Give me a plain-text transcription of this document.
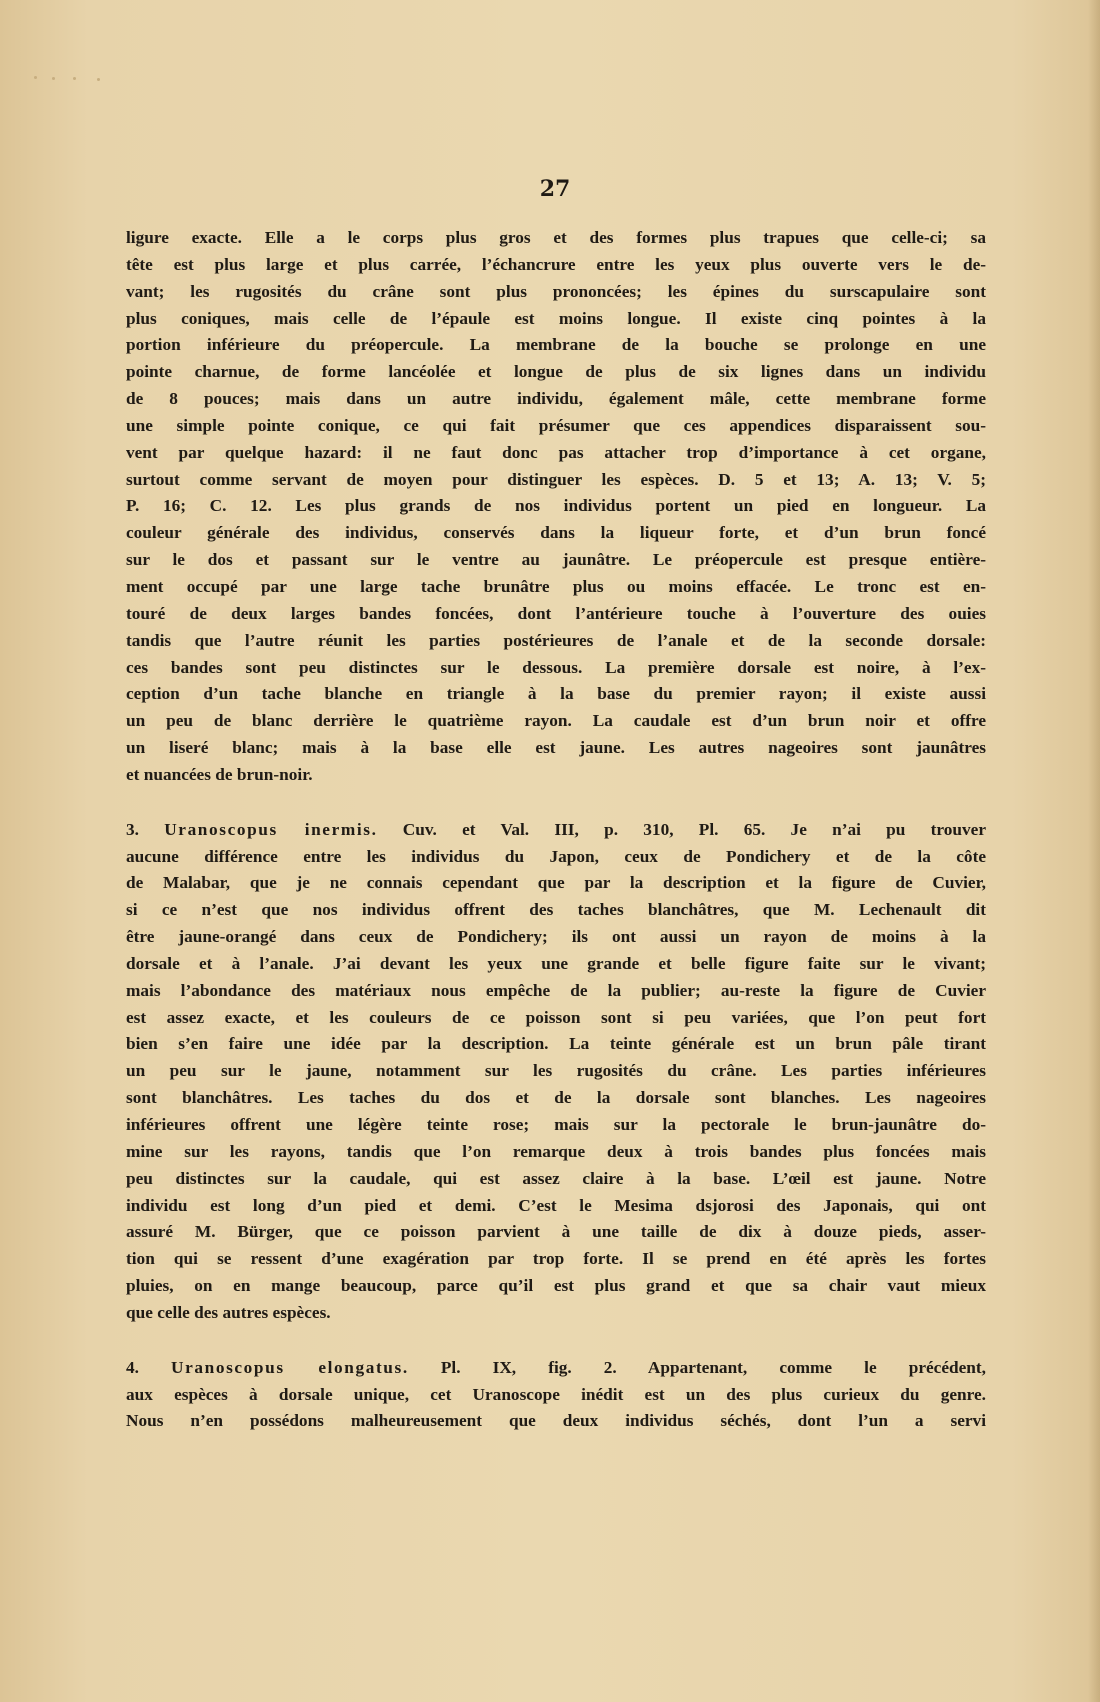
27
ligure exacte. Elle a le corps plus gros et des formes plus trapues que celle-ci; sa
tête est plus large et plus carrée, l’échancrure entre les yeux plus ouverte vers le de-
vant; les rugosités du crâne sont plus prononcées; les épines du surscapulaire sont
plus coniques, mais celle de l’épaule est moins longue. Il existe cinq pointes à la
portion inférieure du préopercule. La membrane de la bouche se prolonge en une
pointe charnue, de forme lancéolée et longue de plus de six lignes dans un individu
de 8 pouces; mais dans un autre individu, également mâle, cette membrane forme
une simple pointe conique, ce qui fait présumer que ces appendices disparaissent sou-
vent par quelque hazard: il ne faut donc pas attacher trop d’importance à cet organe,
surtout comme servant de moyen pour distinguer les espèces. D. 5 et 13; A. 13; V. 5;
P. 16; C. 12. Les plus grands de nos individus portent un pied en longueur. La
couleur générale des individus, conservés dans la liqueur forte, et d’un brun foncé
sur le dos et passant sur le ventre au jaunâtre. Le préopercule est presque entière-
ment occupé par une large tache brunâtre plus ou moins effacée. Le tronc est en-
touré de deux larges bandes foncées, dont l’antérieure touche à l’ouverture des ouies
tandis que l’autre réunit les parties postérieures de l’anale et de la seconde dorsale:
ces bandes sont peu distinctes sur le dessous. La première dorsale est noire, à l’ex-
ception d’un tache blanche en triangle à la base du premier rayon; il existe aussi
un peu de blanc derrière le quatrième rayon. La caudale est d’un brun noir et offre
un liseré blanc; mais à la base elle est jaune. Les autres nageoires sont jaunâtres
et nuancées de brun-noir.
3. Uranoscopus inermis. Cuv. et Val. III, p. 310, Pl. 65. Je n’ai pu trouver
aucune différence entre les individus du Japon, ceux de Pondichery et de la côte
de Malabar, que je ne connais cependant que par la description et la figure de Cuvier,
si ce n’est que nos individus offrent des taches blanchâtres, que M. Lechenault dit
être jaune-orangé dans ceux de Pondichery; ils ont aussi un rayon de moins à la
dorsale et à l’anale. J’ai devant les yeux une grande et belle figure faite sur le vivant;
mais l’abondance des matériaux nous empêche de la publier; au-reste la figure de Cuvier
est assez exacte, et les couleurs de ce poisson sont si peu variées, que l’on peut fort
bien s’en faire une idée par la description. La teinte générale est un brun pâle tirant
un peu sur le jaune, notamment sur les rugosités du crâne. Les parties inférieures
sont blanchâtres. Les taches du dos et de la dorsale sont blanches. Les nageoires
inférieures offrent une légère teinte rose; mais sur la pectorale le brun-jaunâtre do-
mine sur les rayons, tandis que l’on remarque deux à trois bandes plus foncées mais
peu distinctes sur la caudale, qui est assez claire à la base. L’œil est jaune. Notre
individu est long d’un pied et demi. C’est le Mesima dsjorosi des Japonais, qui ont
assuré M. Bürger, que ce poisson parvient à une taille de dix à douze pieds, asser-
tion qui se ressent d’une exagération par trop forte. Il se prend en été après les fortes
pluies, on en mange beaucoup, parce qu’il est plus grand et que sa chair vaut mieux
que celle des autres espèces.
4. Uranoscopus elongatus. Pl. IX, fig. 2. Appartenant, comme le précédent,
aux espèces à dorsale unique, cet Uranoscope inédit est un des plus curieux du genre.
Nous n’en possédons malheureusement que deux individus séchés, dont l’un a servi
